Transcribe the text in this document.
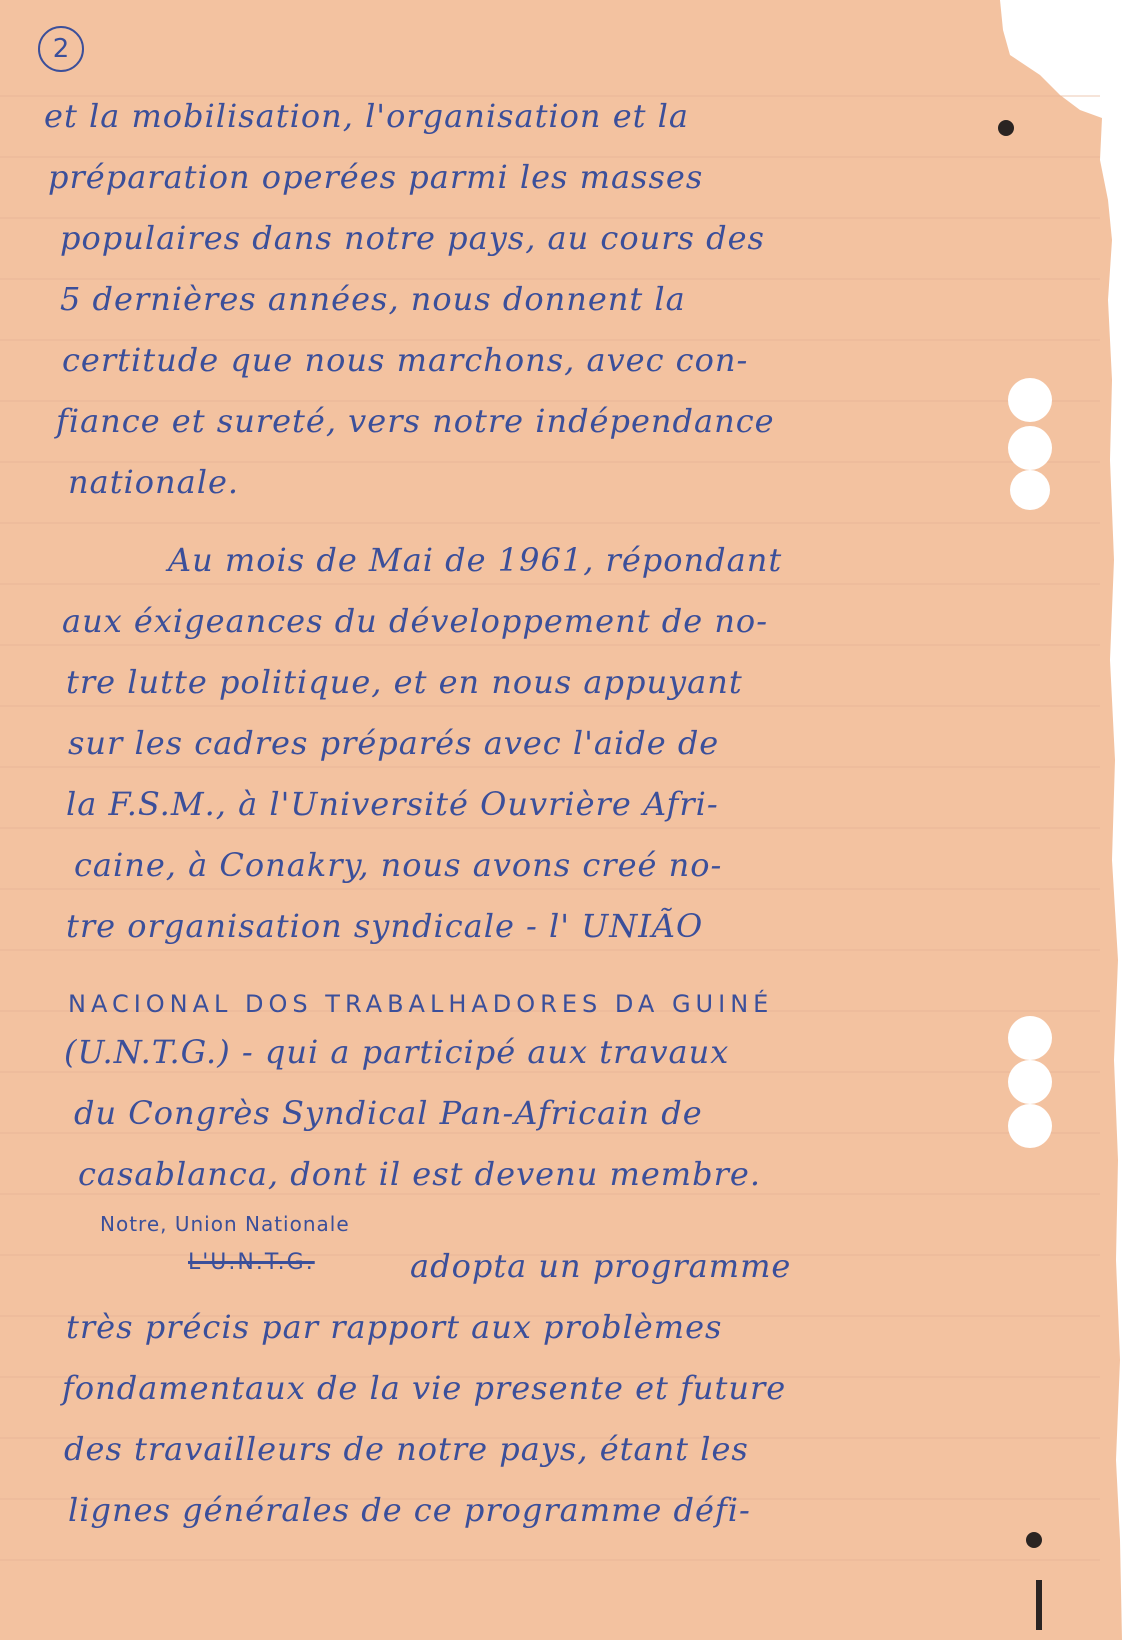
2
et la mobilisation, l'organisation et la
préparation operées parmi les masses
populaires dans notre pays, au cours des
5 dernières années, nous donnent la
certitude que nous marchons, avec con-
fiance et sureté, vers notre indépendance
nationale.
Au mois de Mai de 1961, répondant
aux éxigeances du développement de no-
tre lutte politique, et en nous appuyant
sur les cadres préparés avec l'aide de
la F.S.M., à l'Université Ouvrière Afri-
caine, à Conakry, nous avons creé no-
tre organisation syndicale - l' UNIÃO
NACIONAL DOS TRABALHADORES DA GUINÉ
(U.N.T.G.) - qui a participé aux travaux
du Congrès Syndical Pan-Africain de
casablanca, dont il est devenu membre.
Notre, Union Nationale
L'U.N.T.G.	adopta un programme
très précis par rapport aux problèmes
fondamentaux de la vie presente et future
des travailleurs de notre pays, étant les
lignes générales de ce programme défi-
